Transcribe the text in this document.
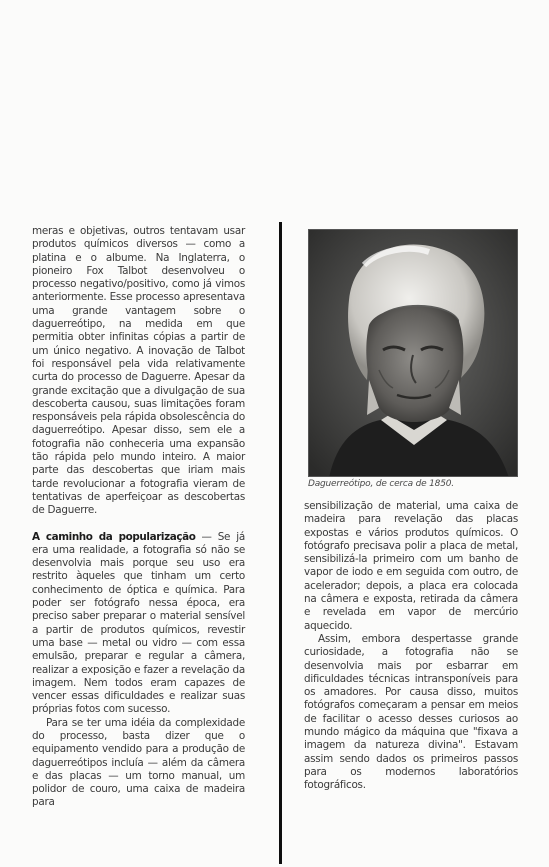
meras e objetivas, outros tentavam usar produtos químicos diversos — como a platina e o albume. Na Inglaterra, o pioneiro Fox Talbot desenvolveu o processo negativo/positivo, como já vimos anteriormente. Esse processo apresentava uma grande vantagem sobre o daguerreótipo, na medida em que permitia obter infinitas cópias a partir de um único negativo. A inovação de Talbot foi responsável pela vida relativamente curta do processo de Daguerre. Apesar da grande excitação que a divulgação de sua descoberta causou, suas limitações foram responsáveis pela rápida obsolescência do daguerreótipo. Apesar disso, sem ele a fotografia não conheceria uma expansão tão rápida pelo mundo inteiro. A maior parte das descobertas que iriam mais tarde revolucionar a fotografia vieram de tentativas de aperfeiçoar as descobertas de Daguerre.

A caminho da popularização — Se já era uma realidade, a fotografia só não se desenvolvia mais porque seu uso era restrito àqueles que tinham um certo conhecimento de óptica e química. Para poder ser fotógrafo nessa época, era preciso saber preparar o material sensível a partir de produtos químicos, revestir uma base — metal ou vidro — com essa emulsão, preparar e regular a câmera, realizar a exposição e fazer a revelação da imagem. Nem todos eram capazes de vencer essas dificuldades e realizar suas próprias fotos com sucesso.

Para se ter uma idéia da complexidade do processo, basta dizer que o equipamento vendido para a produção de daguerreótipos incluía — além da câmera e das placas — um torno manual, um polidor de couro, uma caixa de madeira para

Daguerreótipo, de cerca de 1850.

sensibilização de material, uma caixa de madeira para revelação das placas expostas e vários produtos químicos. O fotógrafo precisava polir a placa de metal, sensibilizá-la primeiro com um banho de vapor de iodo e em seguida com outro, de acelerador; depois, a placa era colocada na câmera e exposta, retirada da câmera e revelada em vapor de mercúrio aquecido.

Assim, embora despertasse grande curiosidade, a fotografia não se desenvolvia mais por esbarrar em dificuldades técnicas intransponíveis para os amadores. Por causa disso, muitos fotógrafos começaram a pensar em meios de facilitar o acesso desses curiosos ao mundo mágico da máquina que "fixava a imagem da natureza divina". Estavam assim sendo dados os primeiros passos para os modernos laboratórios fotográficos.
